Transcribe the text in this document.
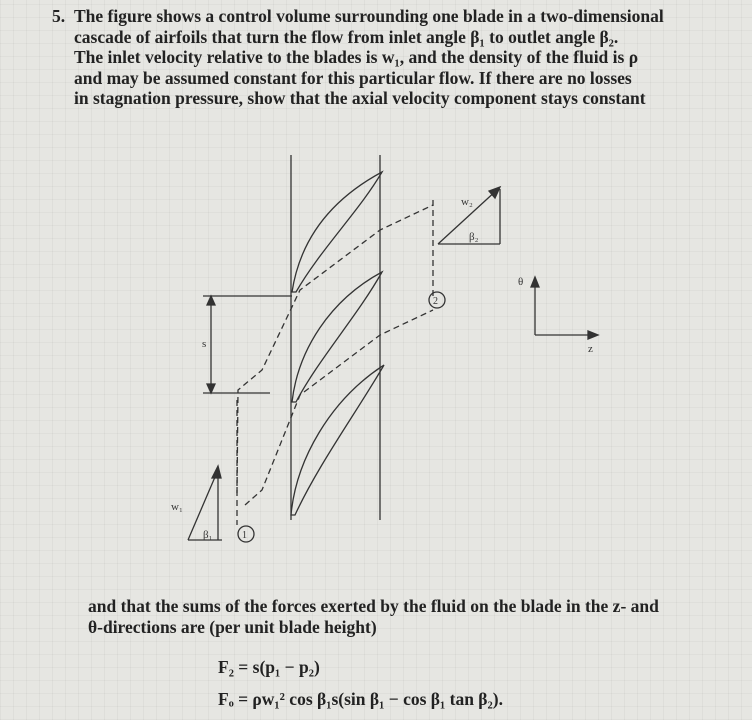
5. The figure shows a control volume surrounding one blade in a two-dimensional
cascade of airfoils that turn the flow from inlet angle β₁ to outlet angle β₂.
The inlet velocity relative to the blades is w₁, and the density of the fluid is ρ
and may be assumed constant for this particular flow. If there are no losses
in stagnation pressure, show that the axial velocity component stays constant
w₁
β₁	1
w₂
β₂
2
s
θ
z
and that the sums of the forces exerted by the fluid on the blade in the z- and
θ-directions are (per unit blade height)
F₂ = s(p₁ − p₂)
Fₒ = ρw₁² cos β₁s(sin β₁ − cos β₁ tan β₂).
